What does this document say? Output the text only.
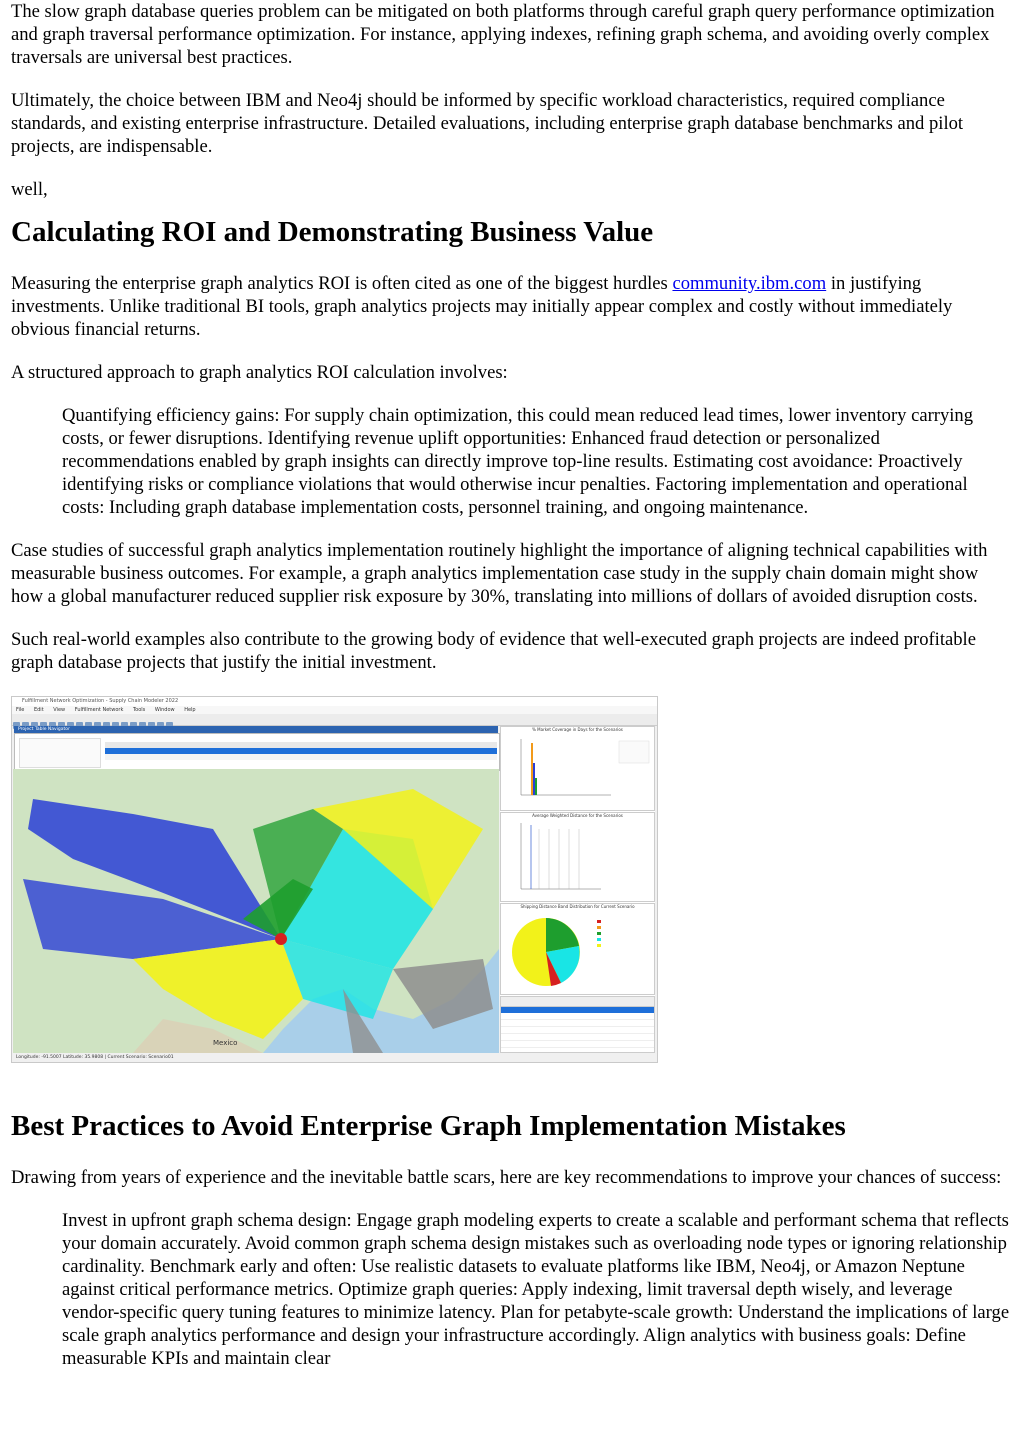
The slow graph database queries problem can be mitigated on both platforms through careful graph query performance optimization and graph traversal performance optimization. For instance, applying indexes, refining graph schema, and avoiding overly complex traversals are universal best practices.

Ultimately, the choice between IBM and Neo4j should be informed by specific workload characteristics, required compliance standards, and existing enterprise infrastructure. Detailed evaluations, including enterprise graph database benchmarks and pilot projects, are indispensable.

well,

Calculating ROI and Demonstrating Business Value

Measuring the enterprise graph analytics ROI is often cited as one of the biggest hurdles community.ibm.com in justifying investments. Unlike traditional BI tools, graph analytics projects may initially appear complex and costly without immediately obvious financial returns.

A structured approach to graph analytics ROI calculation involves:

Quantifying efficiency gains: For supply chain optimization, this could mean reduced lead times, lower inventory carrying costs, or fewer disruptions. Identifying revenue uplift opportunities: Enhanced fraud detection or personalized recommendations enabled by graph insights can directly improve top-line results. Estimating cost avoidance: Proactively identifying risks or compliance violations that would otherwise incur penalties. Factoring implementation and operational costs: Including graph database implementation costs, personnel training, and ongoing maintenance.

Case studies of successful graph analytics implementation routinely highlight the importance of aligning technical capabilities with measurable business outcomes. For example, a graph analytics implementation case study in the supply chain domain might show how a global manufacturer reduced supplier risk exposure by 30%, translating into millions of dollars of avoided disruption costs.

Such real-world examples also contribute to the growing body of evidence that well-executed graph projects are indeed profitable graph database projects that justify the initial investment.

Fulfillment Network Optimization - Supply Chain Modeler 2022
File Edit View Fulfillment Network Tools Window Help
Project Table Navigator
Mexico
% Market Coverage in Days for the Scenarios
Average Weighted Distance for the Scenarios
Shipping Distance Band Distribution for Current Scenario
Longitude: -91.5007 Latitude: 35.9808 | Current Scenario: Scenario01
Best Practices to Avoid Enterprise Graph Implementation Mistakes

Drawing from years of experience and the inevitable battle scars, here are key recommendations to improve your chances of success:

Invest in upfront graph schema design: Engage graph modeling experts to create a scalable and performant schema that reflects your domain accurately. Avoid common graph schema design mistakes such as overloading node types or ignoring relationship cardinality. Benchmark early and often: Use realistic datasets to evaluate platforms like IBM, Neo4j, or Amazon Neptune against critical performance metrics. Optimize graph queries: Apply indexing, limit traversal depth wisely, and leverage vendor-specific query tuning features to minimize latency. Plan for petabyte-scale growth: Understand the implications of large scale graph analytics performance and design your infrastructure accordingly. Align analytics with business goals: Define measurable KPIs and maintain clear
